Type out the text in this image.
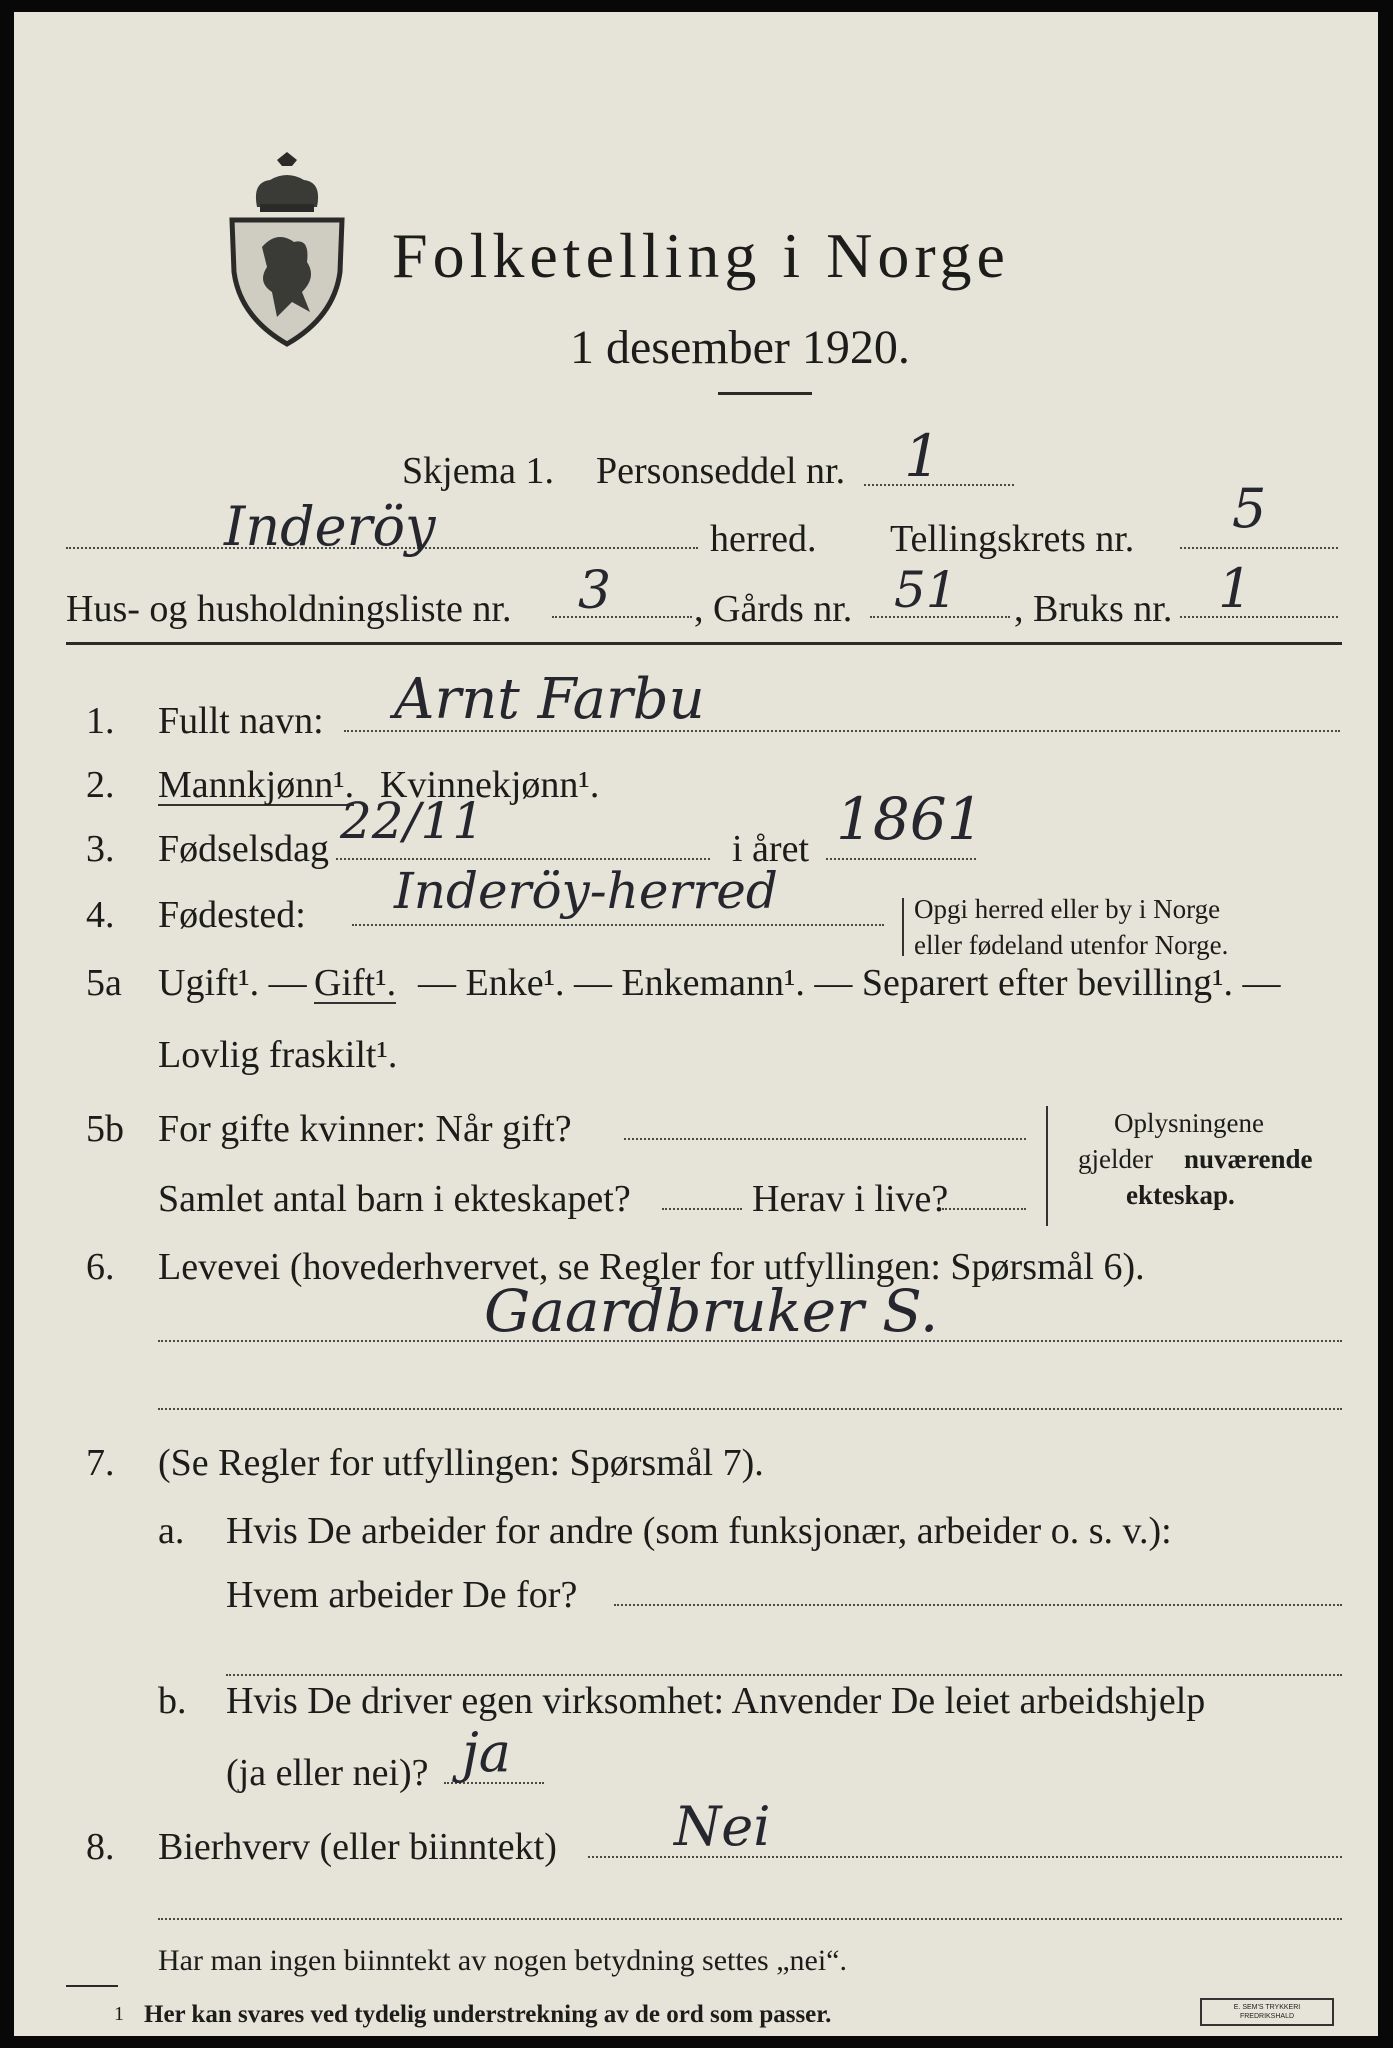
Folketelling i Norge
1 desember 1920.
Skjema 1. Personseddel nr. 1
Inderöy	herred. Tellingskrets nr. 5
Hus- og husholdningsliste nr. 3 , Gårds nr. 51 , Bruks nr. 1
1. Fullt navn: Arnt Farbu
2. Mannkjønn¹. Kvinnekjønn¹.
3. Fødselsdag 22/11	i året 1861
4. Fødested: Inderöy-herred	Opgi herred eller by i Norge
eller fødeland utenfor Norge.
5a Ugift¹. — Gift¹. — Enke¹. — Enkemann¹. — Separert efter bevilling¹. —
Lovlig fraskilt¹.
5b For gifte kvinner: Når gift?
Samlet antal barn i ekteskapet?	Herav i live?
Oplysningene
gjelder nuværende
ekteskap.
6. Levevei (hovederhvervet, se Regler for utfyllingen: Spørsmål 6).
Gaardbruker S.
7. (Se Regler for utfyllingen: Spørsmål 7).
a. Hvis De arbeider for andre (som funksjonær, arbeider o. s. v.):
Hvem arbeider De for?
b. Hvis De driver egen virksomhet: Anvender De leiet arbeidshjelp
(ja eller nei)? ja
8. Bierhverv (eller biinntekt) Nei
Har man ingen biinntekt av nogen betydning settes „nei“.
1 Her kan svares ved tydelig understrekning av de ord som passer.	E. SEM'S TRYKKERI FREDRIKSHALD
